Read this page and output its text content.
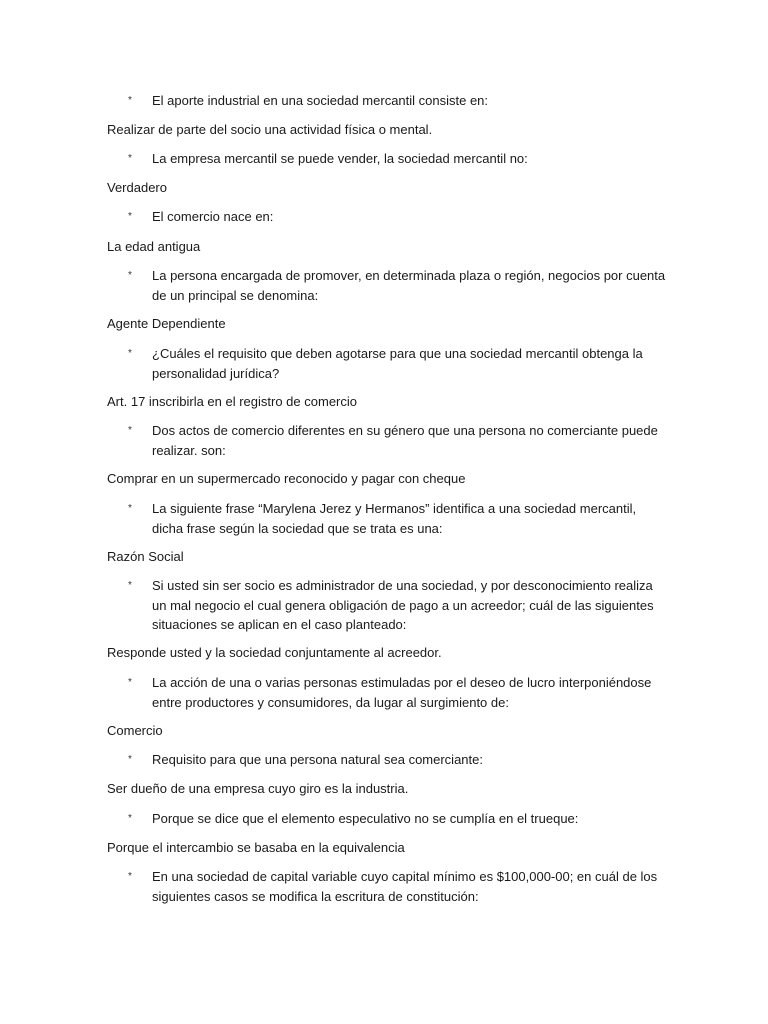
*	El aporte industrial en una sociedad mercantil consiste en:
Realizar de parte del socio una actividad física o mental.
*	La empresa mercantil se puede vender, la sociedad mercantil no:
Verdadero
*	El comercio nace en:
La edad antigua
*	La persona encargada de promover, en determinada plaza o región, negocios por cuenta de un principal se denomina:
Agente Dependiente
*	¿Cuáles el requisito que deben agotarse para que una sociedad mercantil obtenga la personalidad jurídica?
Art. 17 inscribirla en el registro de comercio
*	Dos actos de comercio diferentes en su género que una persona no comerciante puede realizar. son:
Comprar en un supermercado reconocido y pagar con cheque
*	La siguiente frase “Marylena Jerez y Hermanos” identifica a una sociedad mercantil, dicha frase según la sociedad que se trata es una:
Razón Social
*	Si usted sin ser socio es administrador de una sociedad, y por desconocimiento realiza un mal negocio el cual genera obligación de pago a un acreedor; cuál de las siguientes situaciones se aplican en el caso planteado:
Responde usted y la sociedad conjuntamente al acreedor.
*	La acción de una o varias personas estimuladas por el deseo de lucro interponiéndose entre productores y consumidores, da lugar al surgimiento de:
Comercio
*	Requisito para que una persona natural sea comerciante:
Ser dueño de una empresa cuyo giro es la industria.
*	Porque se dice que el elemento especulativo no se cumplía en el trueque:
Porque el intercambio se basaba en la equivalencia
*	En una sociedad de capital variable cuyo capital mínimo es $100,000-00; en cuál de los siguientes casos se modifica la escritura de constitución:
